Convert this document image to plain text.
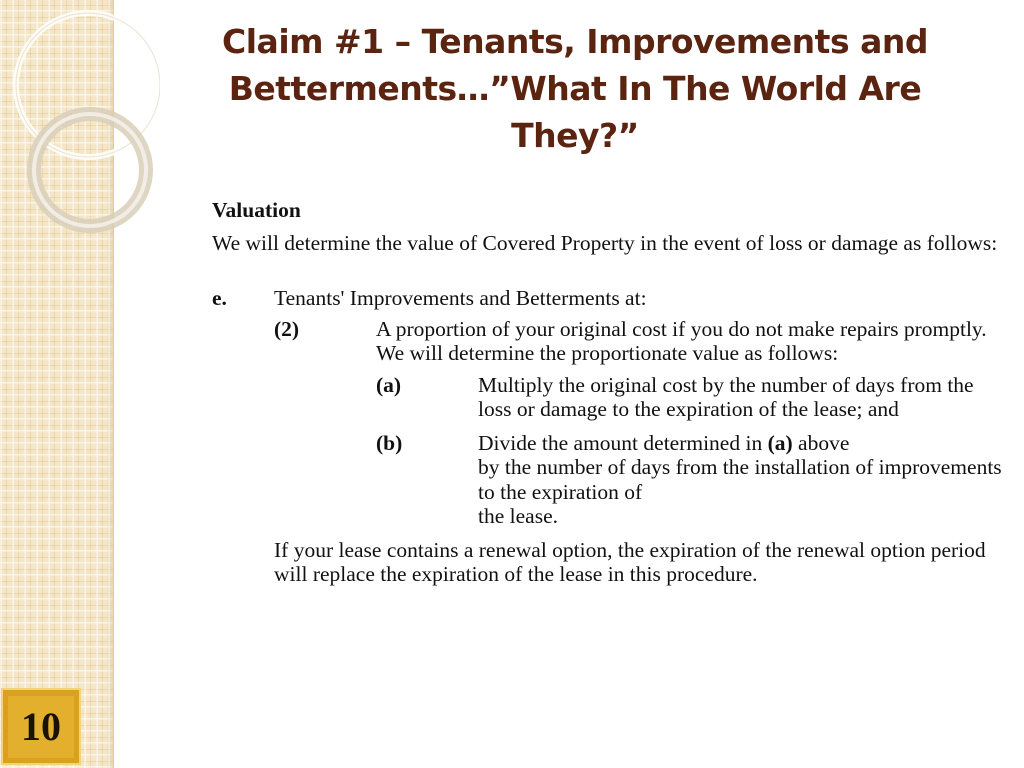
10
Claim #1 – Tenants, Improvements and Betterments…”What In The World Are They?”

Valuation

We will determine the value of Covered Property in the event of loss or damage as follows:

e.	Tenants' Improvements and Betterments at:
(2)	A proportion of your original cost if you do not make repairs promptly. We will determine the proportionate value as follows:
(a)	Multiply the original cost by the number of days from the loss or damage to the expiration of the lease; and
(b)	Divide the amount determined in (a) above
by the number of days from the installation of improvements to the expiration of
the lease.

If your lease contains a renewal option, the expiration of the renewal option period will replace the expiration of the lease in this procedure.
